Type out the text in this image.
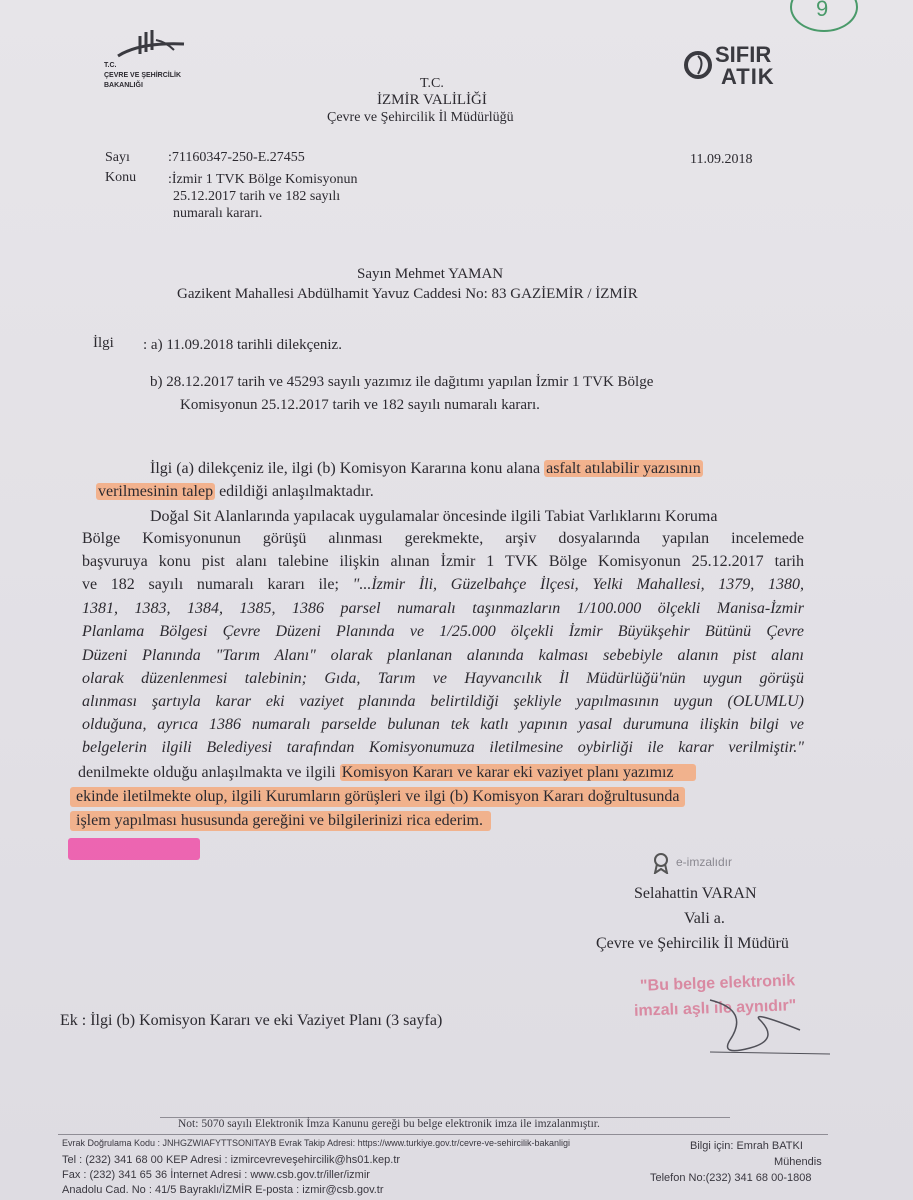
9
T.C.
ÇEVRE VE ŞEHİRCİLİK
BAKANLIĞI
SIFIR
ATIK
T.C.
İZMİR VALİLİĞİ
Çevre ve Şehircilik İl Müdürlüğü
Sayı	:71160347-250-E.27455	11.09.2018
Konu :İzmir 1 TVK Bölge Komisyonun
25.12.2017 tarih ve 182 sayılı
numaralı kararı.
Sayın Mehmet YAMAN
Gazikent Mahallesi Abdülhamit Yavuz Caddesi No: 83 GAZİEMİR / İZMİR
İlgi : a) 11.09.2018 tarihli dilekçeniz.
b) 28.12.2017 tarih ve 45293 sayılı yazımız ile dağıtımı yapılan İzmir 1 TVK Bölge
Komisyonun 25.12.2017 tarih ve 182 sayılı numaralı kararı.
İlgi (a) dilekçeniz ile, ilgi (b) Komisyon Kararına konu alana asfalt atılabilir yazısının
verilmesinin talep edildiği anlaşılmaktadır.
Doğal Sit Alanlarında yapılacak uygulamalar öncesinde ilgili Tabiat Varlıklarını Koruma
Bölge Komisyonunun görüşü alınması gerekmekte, arşiv dosyalarında yapılan incelemede
başvuruya konu pist alanı talebine ilişkin alınan İzmir 1 TVK Bölge Komisyonun 25.12.2017 tarih
ve 182 sayılı numaralı kararı ile; "...İzmir İli, Güzelbahçe İlçesi, Yelki Mahallesi, 1379, 1380,
1381, 1383, 1384, 1385, 1386 parsel numaralı taşınmazların 1/100.000 ölçekli Manisa-İzmir
Planlama Bölgesi Çevre Düzeni Planında ve 1/25.000 ölçekli İzmir Büyükşehir Bütünü Çevre
Düzeni Planında "Tarım Alanı" olarak planlanan alanında kalması sebebiyle alanın pist alanı
olarak düzenlenmesi talebinin; Gıda, Tarım ve Hayvancılık İl Müdürlüğü'nün uygun görüşü
alınması şartıyla karar eki vaziyet planında belirtildiği şekliyle yapılmasının uygun (OLUMLU)
olduğuna, ayrıca 1386 numaralı parselde bulunan tek katlı yapının yasal durumuna ilişkin bilgi ve
belgelerin ilgili Belediyesi tarafından Komisyonumuza iletilmesine oybirliği ile karar verilmiştir."
denilmekte olduğu anlaşılmakta ve ilgili Komisyon Kararı ve karar eki vaziyet planı yazımız
ekinde iletilmekte olup, ilgili Kurumların görüşleri ve ilgi (b) Komisyon Kararı doğrultusunda
işlem yapılması hususunda gereğini ve bilgilerinizi rica ederim.
e-imzalıdır
Selahattin VARAN
Vali a.
Çevre ve Şehircilik İl Müdürü
"Bu belge elektronik
imzalı aşlı ile aynıdır"
Ek : İlgi (b) Komisyon Kararı ve eki Vaziyet Planı (3 sayfa)
Not: 5070 sayılı Elektronik İmza Kanunu gereği bu belge elektronik imza ile imzalanmıştır.
Evrak Doğrulama Kodu : JNHGZWIAFYTTSONITAYB Evrak Takip Adresi: https://www.turkiye.gov.tr/cevre-ve-sehircilik-bakanligi	Bilgi için: Emrah BATKI
Tel : (232) 341 68 00 KEP Adresi : izmircevreveşehircilik@hs01.kep.tr	Mühendis
Fax : (232) 341 65 36 İnternet Adresi : www.csb.gov.tr/iller/izmir
Anadolu Cad. No : 41/5 Bayraklı/İZMİR E-posta : izmir@csb.gov.tr
Telefon No:(232) 341 68 00-1808
